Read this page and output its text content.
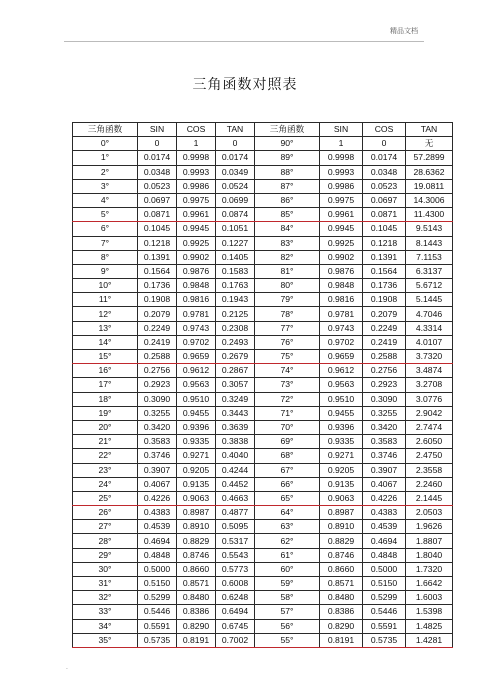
精品文档
三角函数对照表
三角函数	SIN	COS	TAN	三角函数	SIN	COS	TAN
0°	0	1	0	90°	1	0	无
1°	0.0174	0.9998	0.0174	89°	0.9998	0.0174	57.2899
2°	0.0348	0.9993	0.0349	88°	0.9993	0.0348	28.6362
3°	0.0523	0.9986	0.0524	87°	0.9986	0.0523	19.0811
4°	0.0697	0.9975	0.0699	86°	0.9975	0.0697	14.3006
5°	0.0871	0.9961	0.0874	85°	0.9961	0.0871	11.4300
6°	0.1045	0.9945	0.1051	84°	0.9945	0.1045	9.5143
7°	0.1218	0.9925	0.1227	83°	0.9925	0.1218	8.1443
8°	0.1391	0.9902	0.1405	82°	0.9902	0.1391	7.1153
9°	0.1564	0.9876	0.1583	81°	0.9876	0.1564	6.3137
10°	0.1736	0.9848	0.1763	80°	0.9848	0.1736	5.6712
11°	0.1908	0.9816	0.1943	79°	0.9816	0.1908	5.1445
12°	0.2079	0.9781	0.2125	78°	0.9781	0.2079	4.7046
13°	0.2249	0.9743	0.2308	77°	0.9743	0.2249	4.3314
14°	0.2419	0.9702	0.2493	76°	0.9702	0.2419	4.0107
15°	0.2588	0.9659	0.2679	75°	0.9659	0.2588	3.7320
16°	0.2756	0.9612	0.2867	74°	0.9612	0.2756	3.4874
17°	0.2923	0.9563	0.3057	73°	0.9563	0.2923	3.2708
18°	0.3090	0.9510	0.3249	72°	0.9510	0.3090	3.0776
19°	0.3255	0.9455	0.3443	71°	0.9455	0.3255	2.9042
20°	0.3420	0.9396	0.3639	70°	0.9396	0.3420	2.7474
21°	0.3583	0.9335	0.3838	69°	0.9335	0.3583	2.6050
22°	0.3746	0.9271	0.4040	68°	0.9271	0.3746	2.4750
23°	0.3907	0.9205	0.4244	67°	0.9205	0.3907	2.3558
24°	0.4067	0.9135	0.4452	66°	0.9135	0.4067	2.2460
25°	0.4226	0.9063	0.4663	65°	0.9063	0.4226	2.1445
26°	0.4383	0.8987	0.4877	64°	0.8987	0.4383	2.0503
27°	0.4539	0.8910	0.5095	63°	0.8910	0.4539	1.9626
28°	0.4694	0.8829	0.5317	62°	0.8829	0.4694	1.8807
29°	0.4848	0.8746	0.5543	61°	0.8746	0.4848	1.8040
30°	0.5000	0.8660	0.5773	60°	0.8660	0.5000	1.7320
31°	0.5150	0.8571	0.6008	59°	0.8571	0.5150	1.6642
32°	0.5299	0.8480	0.6248	58°	0.8480	0.5299	1.6003
33°	0.5446	0.8386	0.6494	57°	0.8386	0.5446	1.5398
34°	0.5591	0.8290	0.6745	56°	0.8290	0.5591	1.4825
35°	0.5735	0.8191	0.7002	55°	0.8191	0.5735	1.4281
.
